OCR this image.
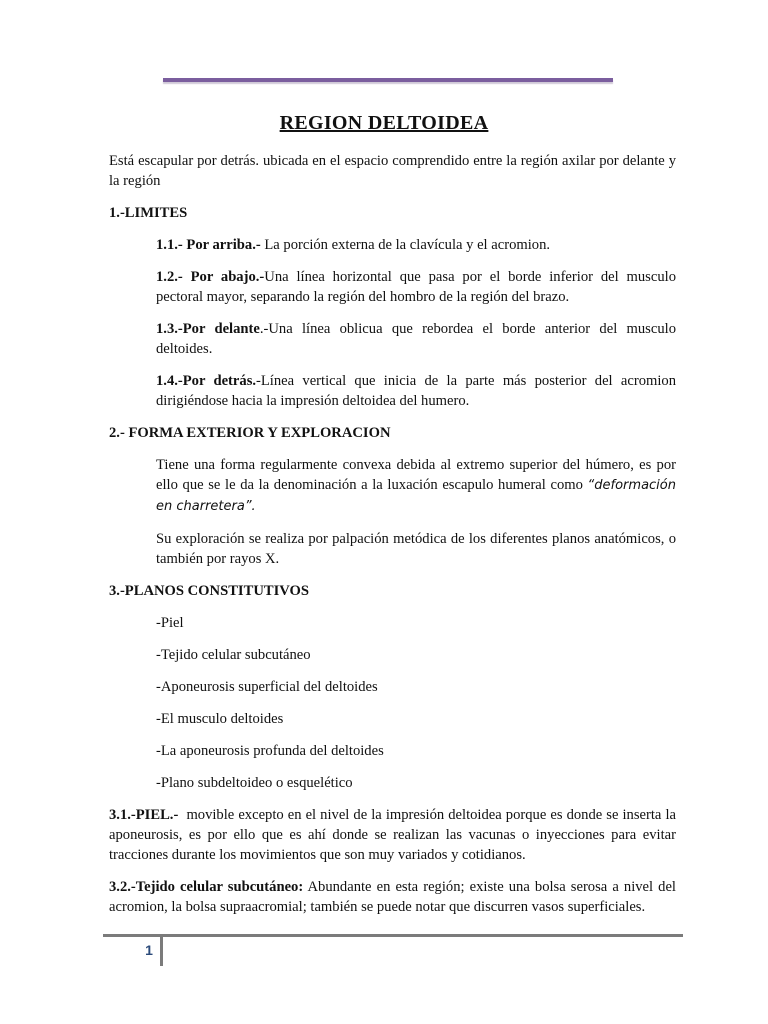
REGION DELTOIDEA

Está escapular por detrás. ubicada en el espacio comprendido entre la región axilar por delante y la región

1.-LIMITES

1.1.- Por arriba.- La porción externa de la clavícula y el acromion.

1.2.- Por abajo.-Una línea horizontal que pasa por el borde inferior del musculo pectoral mayor, separando la región del hombro de la región del brazo.

1.3.-Por delante.-Una línea oblicua que rebordea el borde anterior del musculo deltoides.

1.4.-Por detrás.-Línea vertical que inicia de la parte más posterior del acromion dirigiéndose hacia la impresión deltoidea del humero.

2.- FORMA EXTERIOR Y EXPLORACION

Tiene una forma regularmente convexa debida al extremo superior del húmero, es por ello que se le da la denominación a la luxación escapulo humeral como “deformación en charretera”.

Su exploración se realiza por palpación metódica de los diferentes planos anatómicos, o también por rayos X.

3.-PLANOS CONSTITUTIVOS

-Piel

-Tejido celular subcutáneo

-Aponeurosis superficial del deltoides

-El musculo deltoides

-La aponeurosis profunda del deltoides

-Plano subdeltoideo o esquelético

3.1.-PIEL.-  movible excepto en el nivel de la impresión deltoidea porque es donde se inserta la aponeurosis, es por ello que es ahí donde se realizan las vacunas o inyecciones para evitar tracciones durante los movimientos que son muy variados y cotidianos.

3.2.-Tejido celular subcutáneo: Abundante en esta región; existe una bolsa serosa a nivel del acromion, la bolsa supraacromial; también se puede notar que discurren vasos superficiales.

1
